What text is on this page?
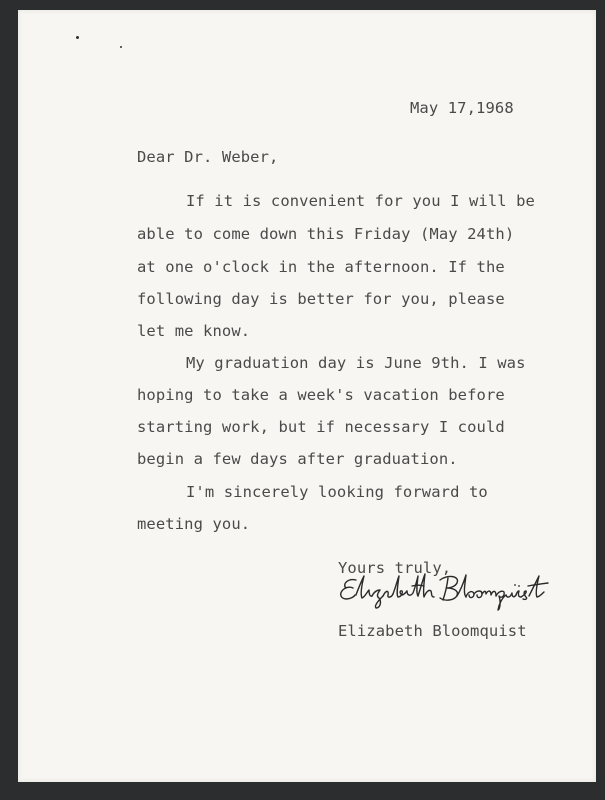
May 17,1968
Dear Dr. Weber,
If it is convenient for you I will be
able to come down this Friday (May 24th)
at one o'clock in the afternoon. If the
following day is better for you, please
let me know.
My graduation day is June 9th. I was
hoping to take a week's vacation before
starting work, but if necessary I could
begin a few days after graduation.
I'm sincerely looking forward to
meeting you.
Yours truly,
Elizabeth Bloomquist
